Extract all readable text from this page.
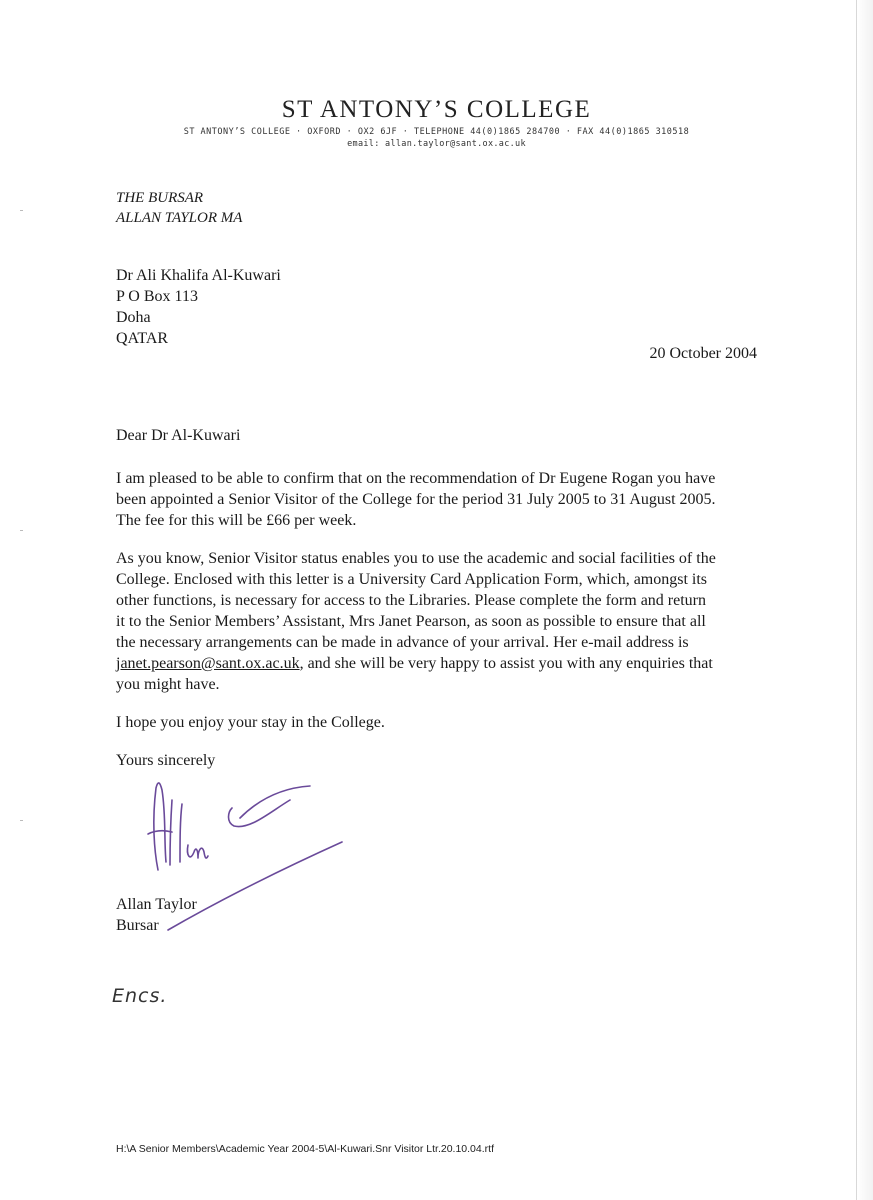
ST ANTONY’S COLLEGE
ST ANTONY’S COLLEGE · OXFORD · OX2 6JF · TELEPHONE 44(0)1865 284700 · FAX 44(0)1865 310518
email: allan.taylor@sant.ox.ac.uk
THE BURSAR
ALLAN TAYLOR MA
Dr Ali Khalifa Al-Kuwari
P O Box 113
Doha
QATAR
20 October 2004
Dear Dr Al-Kuwari
I am pleased to be able to confirm that on the recommendation of Dr Eugene Rogan you have
been appointed a Senior Visitor of the College for the period 31 July 2005 to 31 August 2005.
The fee for this will be £66 per week.
As you know, Senior Visitor status enables you to use the academic and social facilities of the
College. Enclosed with this letter is a University Card Application Form, which, amongst its
other functions, is necessary for access to the Libraries. Please complete the form and return
it to the Senior Members’ Assistant, Mrs Janet Pearson, as soon as possible to ensure that all
the necessary arrangements can be made in advance of your arrival. Her e-mail address is
janet.pearson@sant.ox.ac.uk, and she will be very happy to assist you with any enquiries that
you might have.
I hope you enjoy your stay in the College.
Yours sincerely
Allan Taylor
Bursar
Encs.
H:\A Senior Members\Academic Year 2004-5\Al-Kuwari.Snr Visitor Ltr.20.10.04.rtf
